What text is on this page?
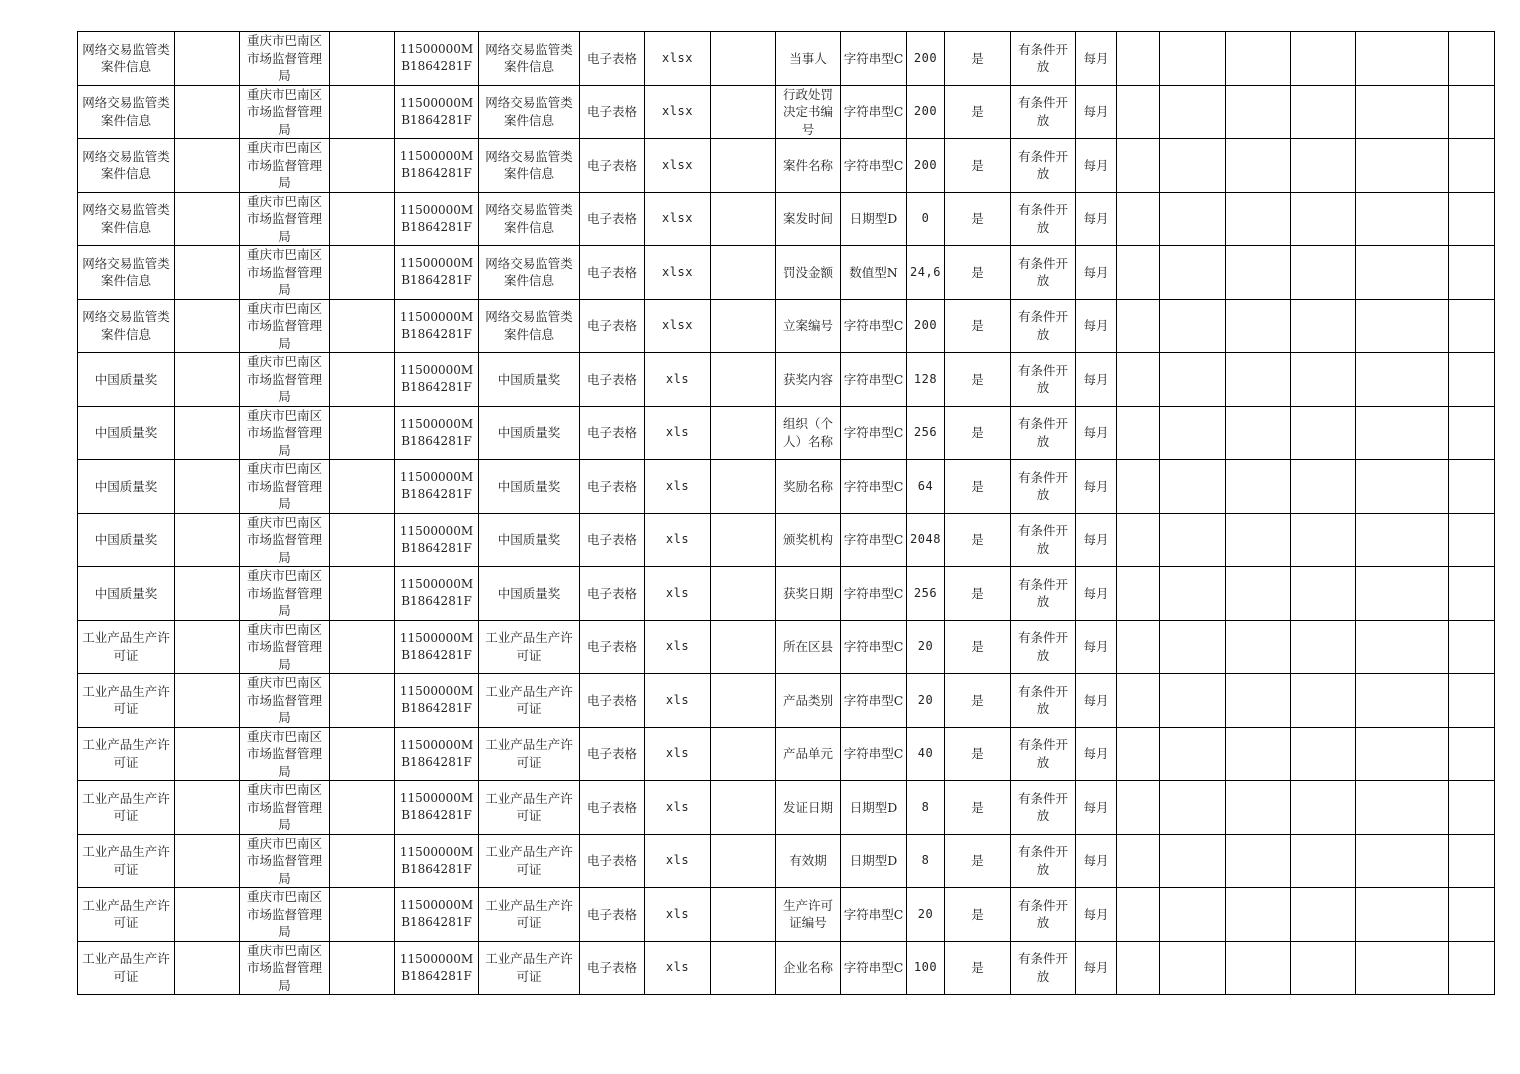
网络交易监管类案件信息		重庆市巴南区市场监督管理局		11500000MB1864281F	网络交易监管类案件信息	电子表格	xlsx		当事人	字符串型C	200	是	有条件开放	每月						
网络交易监管类案件信息		重庆市巴南区市场监督管理局		11500000MB1864281F	网络交易监管类案件信息	电子表格	xlsx		行政处罚决定书编号	字符串型C	200	是	有条件开放	每月						
网络交易监管类案件信息		重庆市巴南区市场监督管理局		11500000MB1864281F	网络交易监管类案件信息	电子表格	xlsx		案件名称	字符串型C	200	是	有条件开放	每月						
网络交易监管类案件信息		重庆市巴南区市场监督管理局		11500000MB1864281F	网络交易监管类案件信息	电子表格	xlsx		案发时间	日期型D	0	是	有条件开放	每月						
网络交易监管类案件信息		重庆市巴南区市场监督管理局		11500000MB1864281F	网络交易监管类案件信息	电子表格	xlsx		罚没金额	数值型N	24,6	是	有条件开放	每月						
网络交易监管类案件信息		重庆市巴南区市场监督管理局		11500000MB1864281F	网络交易监管类案件信息	电子表格	xlsx		立案编号	字符串型C	200	是	有条件开放	每月						
中国质量奖		重庆市巴南区市场监督管理局		11500000MB1864281F	中国质量奖	电子表格	xls		获奖内容	字符串型C	128	是	有条件开放	每月						
中国质量奖		重庆市巴南区市场监督管理局		11500000MB1864281F	中国质量奖	电子表格	xls		组织（个人）名称	字符串型C	256	是	有条件开放	每月						
中国质量奖		重庆市巴南区市场监督管理局		11500000MB1864281F	中国质量奖	电子表格	xls		奖励名称	字符串型C	64	是	有条件开放	每月						
中国质量奖		重庆市巴南区市场监督管理局		11500000MB1864281F	中国质量奖	电子表格	xls		颁奖机构	字符串型C	2048	是	有条件开放	每月						
中国质量奖		重庆市巴南区市场监督管理局		11500000MB1864281F	中国质量奖	电子表格	xls		获奖日期	字符串型C	256	是	有条件开放	每月						
工业产品生产许可证		重庆市巴南区市场监督管理局		11500000MB1864281F	工业产品生产许可证	电子表格	xls		所在区县	字符串型C	20	是	有条件开放	每月						
工业产品生产许可证		重庆市巴南区市场监督管理局		11500000MB1864281F	工业产品生产许可证	电子表格	xls		产品类别	字符串型C	20	是	有条件开放	每月						
工业产品生产许可证		重庆市巴南区市场监督管理局		11500000MB1864281F	工业产品生产许可证	电子表格	xls		产品单元	字符串型C	40	是	有条件开放	每月						
工业产品生产许可证		重庆市巴南区市场监督管理局		11500000MB1864281F	工业产品生产许可证	电子表格	xls		发证日期	日期型D	8	是	有条件开放	每月						
工业产品生产许可证		重庆市巴南区市场监督管理局		11500000MB1864281F	工业产品生产许可证	电子表格	xls		有效期	日期型D	8	是	有条件开放	每月						
工业产品生产许可证		重庆市巴南区市场监督管理局		11500000MB1864281F	工业产品生产许可证	电子表格	xls		生产许可证编号	字符串型C	20	是	有条件开放	每月						
工业产品生产许可证		重庆市巴南区市场监督管理局		11500000MB1864281F	工业产品生产许可证	电子表格	xls		企业名称	字符串型C	100	是	有条件开放	每月						
